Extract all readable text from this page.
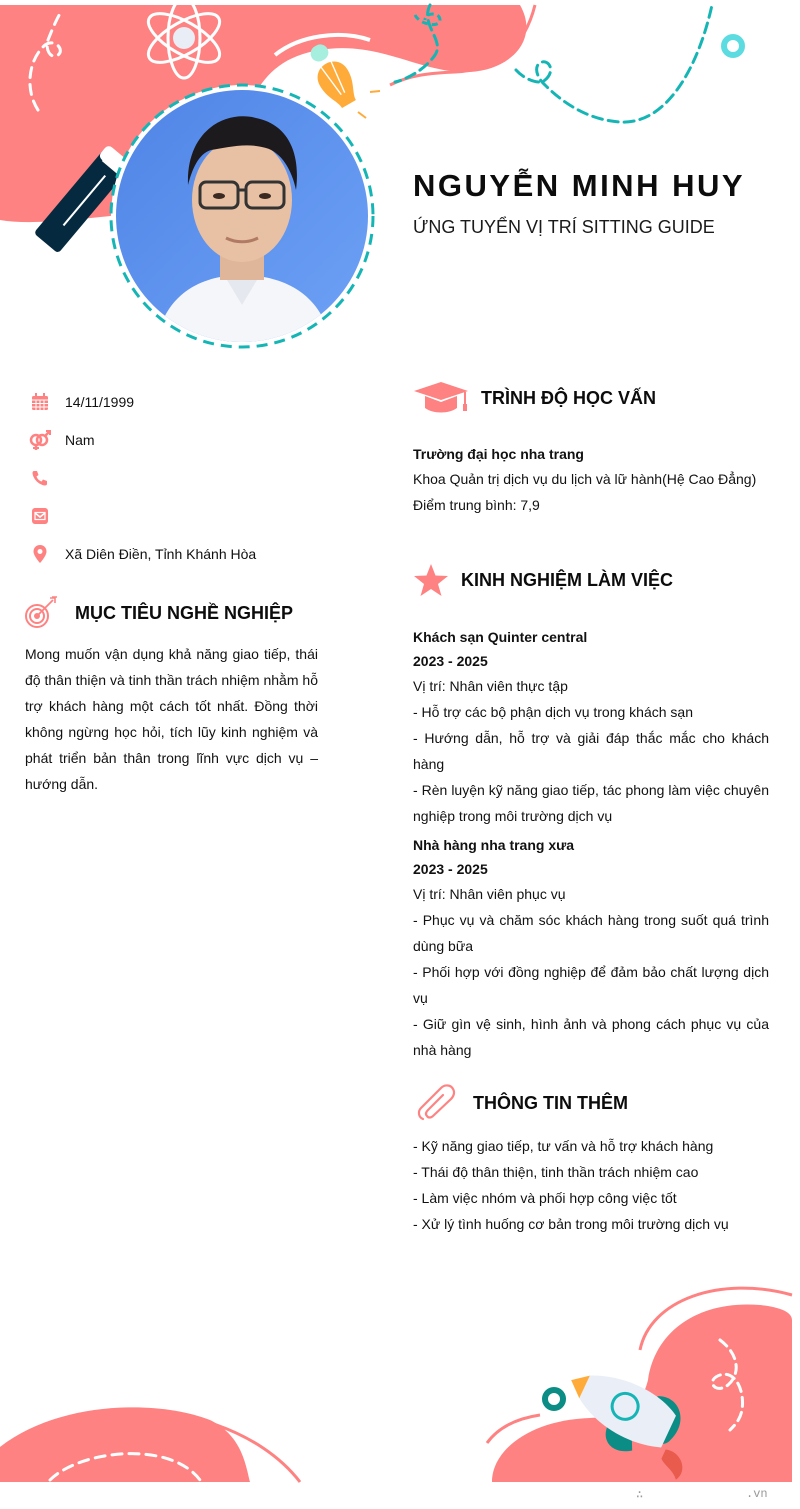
NGUYỄN MINH HUY
ỨNG TUYỂN VỊ TRÍ SITTING GUIDE
14/11/1999
Nam
Xã Diên Điền, Tỉnh Khánh Hòa
MỤC TIÊU NGHỀ NGHIỆP
Mong muốn vận dụng khả năng giao tiếp, thái độ thân thiện và tinh thần trách nhiệm nhằm hỗ trợ khách hàng một cách tốt nhất. Đồng thời không ngừng học hỏi, tích lũy kinh nghiệm và phát triển bản thân trong lĩnh vực dịch vụ – hướng dẫn.
TRÌNH ĐỘ HỌC VẤN
Trường đại học nha trang
Khoa Quản trị dịch vụ du lịch và lữ hành(Hệ Cao Đẳng)
Điểm trung bình: 7,9
KINH NGHIỆM LÀM VIỆC
Khách sạn Quinter central
2023 - 2025
Vị trí: Nhân viên thực tập
- Hỗ trợ các bộ phận dịch vụ trong khách sạn
- Hướng dẫn, hỗ trợ và giải đáp thắc mắc cho khách hàng
- Rèn luyện kỹ năng giao tiếp, tác phong làm việc chuyên nghiệp trong môi trường dịch vụ
Nhà hàng nha trang xưa
2023 - 2025
Vị trí: Nhân viên phục vụ
- Phục vụ và chăm sóc khách hàng trong suốt quá trình dùng bữa
- Phối hợp với đồng nghiệp để đảm bảo chất lượng dịch vụ
- Giữ gìn vệ sinh, hình ảnh và phong cách phục vụ của nhà hàng
THÔNG TIN THÊM
- Kỹ năng giao tiếp, tư vấn và hỗ trợ khách hàng
- Thái độ thân thiện, tinh thần trách nhiệm cao
- Làm việc nhóm và phối hợp công việc tốt
- Xử lý tình huống cơ bản trong môi trường dịch vụ
∴	.vn
